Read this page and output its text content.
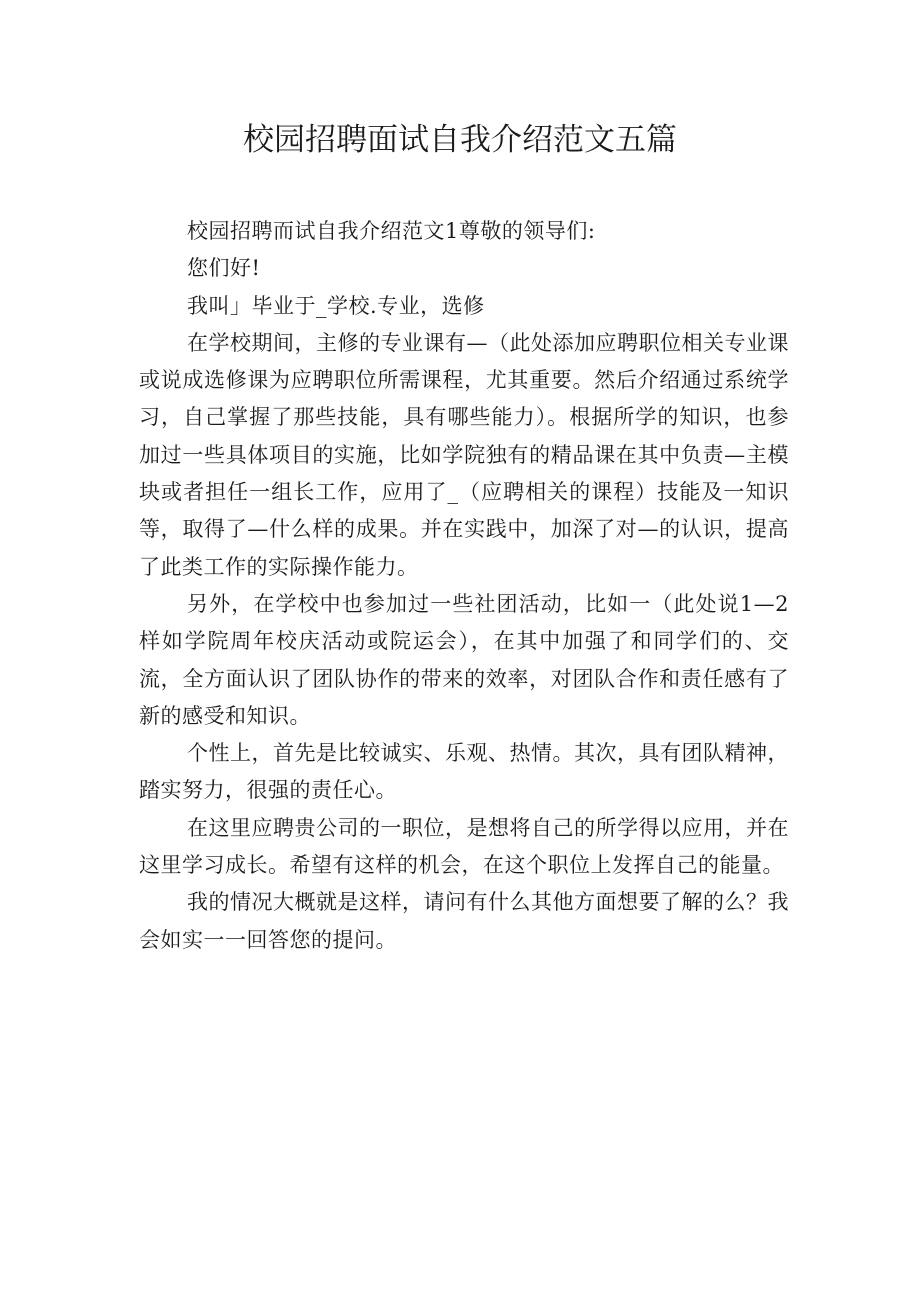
校园招聘面试自我介绍范文五篇

校园招聘而试自我介绍范文1尊敬的领导们:

您们好!

我叫」毕业于_学校.专业，选修

在学校期间，主修的专业课有—（此处添加应聘职位相关专业课或说成选修课为应聘职位所需课程，尤其重要。然后介绍通过系统学习，自己掌握了那些技能，具有哪些能力）。根据所学的知识，也参加过一些具体项目的实施，比如学院独有的精品课在其中负责—主模块或者担任一组长工作，应用了_（应聘相关的课程）技能及一知识等，取得了—什么样的成果。并在实践中，加深了对—的认识，提高了此类工作的实际操作能力。

另外，在学校中也参加过一些社团活动，比如一（此处说1—2样如学院周年校庆活动或院运会），在其中加强了和同学们的、交流，全方面认识了团队协作的带来的效率，对团队合作和责任感有了新的感受和知识。

个性上，首先是比较诚实、乐观、热情。其次，具有团队精神，踏实努力，很强的责任心。

在这里应聘贵公司的一职位，是想将自己的所学得以应用，并在这里学习成长。希望有这样的机会，在这个职位上发挥自己的能量。

我的情况大概就是这样，请问有什么其他方面想要了解的么？我会如实一一回答您的提问。
